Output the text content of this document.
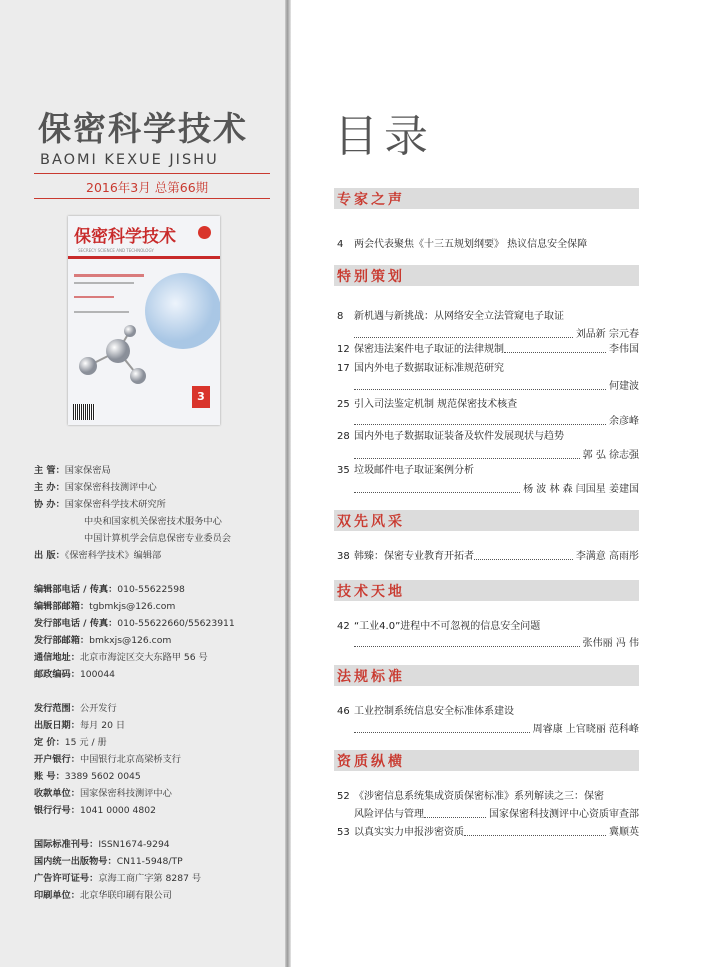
保密科学技术
BAOMI KEXUE JISHU
2016年3月 总第66期
保密科学技术
SECRECY SCIENCE AND TECHNOLOGY
3
主 管：国家保密局
主 办：国家保密科技测评中心
协 办：国家保密科学技术研究所
中央和国家机关保密技术服务中心
中国计算机学会信息保密专业委员会
出 版：《保密科学技术》编辑部
编辑部电话 / 传真：010-55622598
编辑部邮箱：tgbmkjs@126.com
发行部电话 / 传真：010-55622660/55623911
发行部邮箱：bmkxjs@126.com
通信地址：北京市海淀区交大东路甲 56 号
邮政编码：100044
发行范围：公开发行
出版日期：每月 20 日
定 价：15 元 / 册
开户银行：中国银行北京高梁桥支行
账 号：3389 5602 0045
收款单位：国家保密科技测评中心
银行行号：1041 0000 4802
国际标准刊号：ISSN1674-9294
国内统一出版物号：CN11-5948/TP
广告许可证号：京海工商广字第 8287 号
印刷单位：北京华联印刷有限公司
目录
专家之声
4 两会代表聚焦《十三五规划纲要》 热议信息安全保障
特别策划
8 新机遇与新挑战：从网络安全立法管窥电子取证
刘品新 宗元春
12 保密违法案件电子取证的法律规制	李伟国
17 国内外电子数据取证标准规范研究
何建波
25 引入司法鉴定机制 规范保密技术核查
余彦峰
28 国内外电子数据取证装备及软件发展现状与趋势
郭 弘 徐志强
35 垃圾邮件电子取证案例分析
杨 波 林 森 闫国星 姜建国
双先风采
38 韩臻：保密专业教育开拓者	李满意 高雨彤
技术天地
42 “工业4.0”进程中不可忽视的信息安全问题
张伟丽 冯 伟
法规标准
46 工业控制系统信息安全标准体系建设
周睿康 上官晓丽 范科峰
资质纵横
52 《涉密信息系统集成资质保密标准》系列解读之三：保密
风险评估与管理	国家保密科技测评中心资质审查部
53 以真实实力申报涉密资质	冀顺英
